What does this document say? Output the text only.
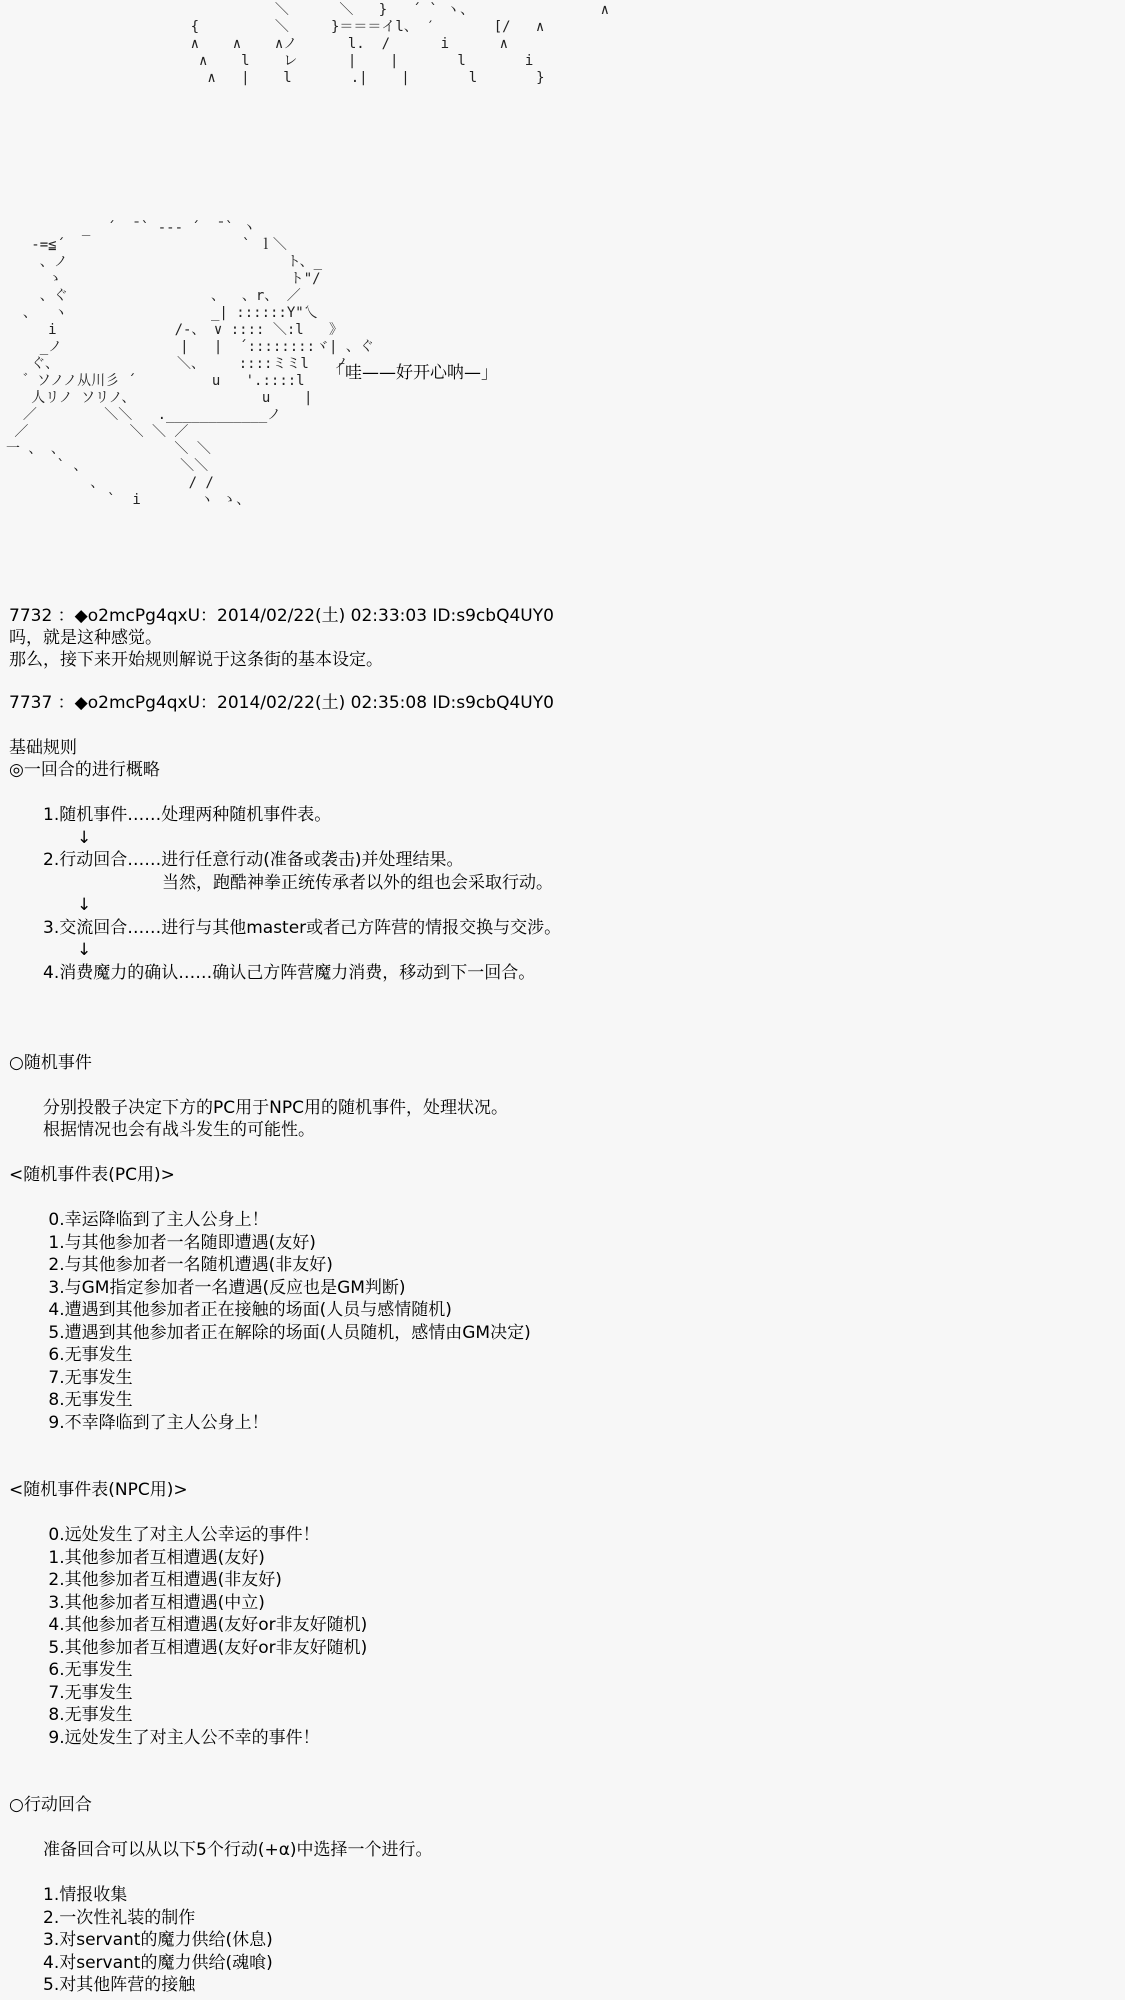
＼      ＼   }   ´ ` ヽ、               ∧
{         ＼     }＝＝＝イl、 ′       [/   ∧
∧    ∧    ∧ノ      l.  /      i      ∧
∧    l    レ      |    |       l       i
∧   |    l       .|    |       l       }
_  ´  ̄ ` ‐-‐ ´  ̄ ` ヽ
-=≦´                     ` ｌ＼
、ノ                          ト、_
ゝ                           ト"/
、ぐ                 、  、r、 ／
、  ヽ                 _| ::::::Y"乀
i              /-、 ∨ :::: ＼:l   》
_ノ              |   |  ´::::::::ヾ| 、ぐ
ぐ、              ＼、    ::::ミミl   ノ
゛ソノノ从川彡 ´         u   '.::::l
人リノ ソリノ、               u    |
／        ＼＼   .____________ノ
／            ＼ ＼ ／
一 、 、             ＼ ＼
` 、           ＼＼
、          / /
`  i       ヽ ゝ、
「哇——好开心呐—」
7732 ：◆o2mcPg4qxU：2014/02/22(土) 02:33:03 ID:s9cbQ4UY0
吗，就是这种感觉。
那么，接下来开始规则解说于这条街的基本设定。
7737 ：◆o2mcPg4qxU：2014/02/22(土) 02:35:08 ID:s9cbQ4UY0
基础规则
◎一回合的进行概略
　　1.随机事件……处理两种随机事件表。
　　　　↓
　　2.行动回合……进行任意行动(准备或袭击)并处理结果。
　　　　　　　　　当然，跑酷神拳正统传承者以外的组也会采取行动。
　　　　↓
　　3.交流回合……进行与其他master或者己方阵营的情报交换与交涉。
　　　　↓
　　4.消费魔力的确认……确认己方阵营魔力消费，移动到下一回合。
○随机事件
　　分别投骰子决定下方的PC用于NPC用的随机事件，处理状况。
　　根据情况也会有战斗发生的可能性。
<随机事件表(PC用)>
　　 0.幸运降临到了主人公身上！
　　 1.与其他参加者一名随即遭遇(友好)
　　 2.与其他参加者一名随机遭遇(非友好)
　　 3.与GM指定参加者一名遭遇(反应也是GM判断)
　　 4.遭遇到其他参加者正在接触的场面(人员与感情随机)
　　 5.遭遇到其他参加者正在解除的场面(人员随机，感情由GM决定)
　　 6.无事发生
　　 7.无事发生
　　 8.无事发生
　　 9.不幸降临到了主人公身上！
<随机事件表(NPC用)>
　　 0.远处发生了对主人公幸运的事件！
　　 1.其他参加者互相遭遇(友好)
　　 2.其他参加者互相遭遇(非友好)
　　 3.其他参加者互相遭遇(中立)
　　 4.其他参加者互相遭遇(友好or非友好随机)
　　 5.其他参加者互相遭遇(友好or非友好随机)
　　 6.无事发生
　　 7.无事发生
　　 8.无事发生
　　 9.远处发生了对主人公不幸的事件！
○行动回合
　　准备回合可以从以下5个行动(+α)中选择一个进行。
　　1.情报收集
　　2.一次性礼装的制作
　　3.对servant的魔力供给(休息)
　　4.对servant的魔力供给(魂喰)
　　5.对其他阵营的接触
